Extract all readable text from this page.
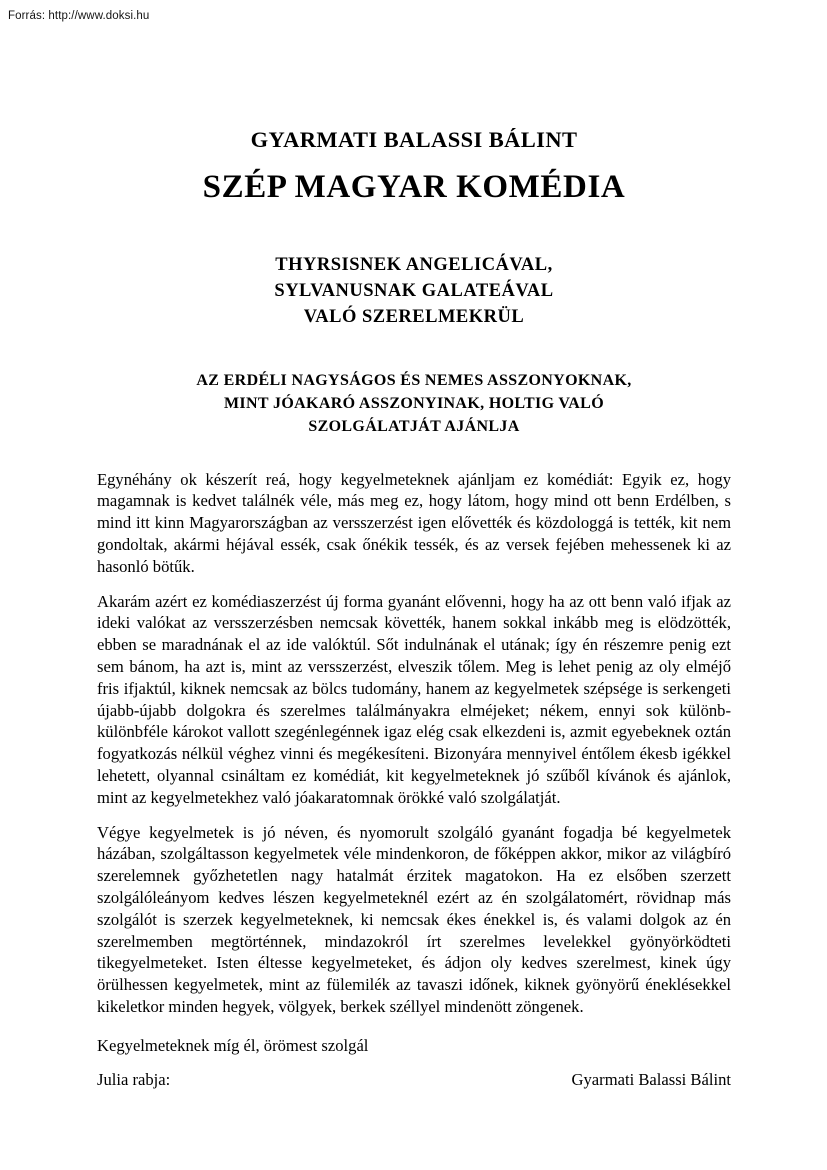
Forrás: http://www.doksi.hu
GYARMATI BALASSI BÁLINT
SZÉP MAGYAR KOMÉDIA
THYRSISNEK ANGELICÁVAL,
SYLVANUSNAK GALATEÁVAL
VALÓ SZERELMEKRÜL
AZ ERDÉLI NAGYSÁGOS ÉS NEMES ASSZONYOKNAK,
MINT JÓAKARÓ ASSZONYINAK, HOLTIG VALÓ
SZOLGÁLATJÁT AJÁNLJA

Egynéhány ok készerít reá, hogy kegyelmeteknek ajánljam ez komédiát: Egyik ez, hogy magamnak is kedvet találnék véle, más meg ez, hogy látom, hogy mind ott benn Erdélben, s mind itt kinn Magyarországban az versszerzést igen elővették és közdologgá is tették, kit nem gondoltak, akármi héjával essék, csak őnékik tessék, és az versek fejében mehessenek ki az hasonló bötűk.

Akarám azért ez komédiaszerzést új forma gyanánt elővenni, hogy ha az ott benn való ifjak az ideki valókat az versszerzésben nemcsak követték, hanem sokkal inkább meg is elödzötték, ebben se maradnának el az ide valóktúl. Sőt indulnának el utának; így én részemre penig ezt sem bánom, ha azt is, mint az versszerzést, elveszik tőlem. Meg is lehet penig az oly elméjő fris ifjaktúl, kiknek nemcsak az bölcs tudomány, hanem az kegyelmetek szépsége is serkengeti újabb-újabb dolgokra és szerelmes találmányakra elméjeket; nékem, ennyi sok különb-különbféle károkot vallott szegénlegénnek igaz elég csak elkezdeni is, azmit egyebeknek oztán fogyatkozás nélkül véghez vinni és megékesíteni. Bizonyára mennyivel éntőlem ékesb igékkel lehetett, olyannal csináltam ez komédiát, kit kegyelmeteknek jó szűből kívánok és ajánlok, mint az kegyelmetekhez való jóakaratomnak örökké való szolgálatját.

Végye kegyelmetek is jó néven, és nyomorult szolgáló gyanánt fogadja bé kegyelmetek házában, szolgáltasson kegyelmetek véle mindenkoron, de főképpen akkor, mikor az világbíró szerelemnek győzhetetlen nagy hatalmát érzitek magatokon. Ha ez elsőben szerzett szolgálóleányom kedves lészen kegyelmeteknél ezért az én szolgálatomért, rövidnap más szolgálót is szerzek kegyelmeteknek, ki nemcsak ékes énekkel is, és valami dolgok az én szerelmemben megtörténnek, mindazokról írt szerelmes levelekkel gyönyörködteti tikegyelmeteket. Isten éltesse kegyelmeteket, és ádjon oly kedves szerelmest, kinek úgy örülhessen kegyelmetek, mint az fülemilék az tavaszi időnek, kiknek gyönyörű éneklésekkel kikeletkor minden hegyek, völgyek, berkek széllyel mindenött zöngenek.

Kegyelmeteknek míg él, örömest szolgál
Julia rabja:	Gyarmati Balassi Bálint
